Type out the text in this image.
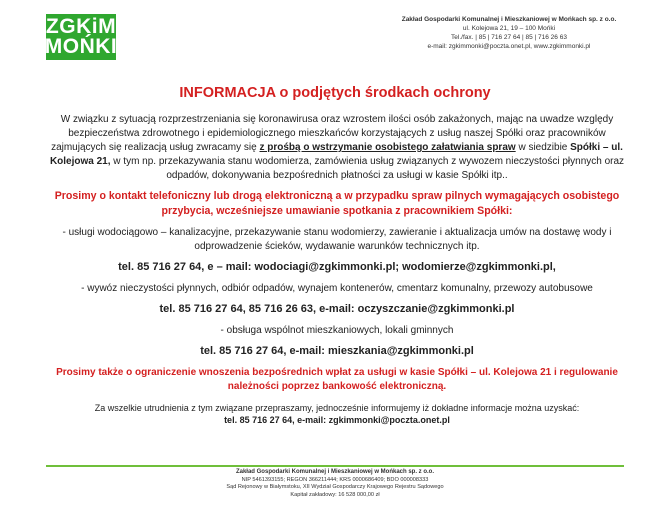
ZGKiM
MOŃKI
Zakład Gospodarki Komunalnej i Mieszkaniowej w Mońkach sp. z o.o.
ul. Kolejowa 21, 19 – 100 Mońki
Tel./fax. | 85 | 716 27 64 | 85 | 716 26 63
e-mail: zgkimmonki@poczta.onet.pl, www.zgkimmonki.pl
INFORMACJA o podjętych środkach ochrony

W związku z sytuacją rozprzestrzeniania się koronawirusa oraz wzrostem ilości osób zakażonych, mając na uwadze względy bezpieczeństwa zdrowotnego i epidemiologicznego mieszkańców korzystających z usług naszej Spółki oraz pracowników zajmujących się realizacją usług zwracamy się z prośbą o wstrzymanie osobistego załatwiania spraw w siedzibie Spółki – ul. Kolejowa 21, w tym np. przekazywania stanu wodomierza, zamówienia usług związanych z wywozem nieczystości płynnych oraz odpadów, dokonywania bezpośrednich płatności za usługi w kasie Spółki itp..

Prosimy o kontakt telefoniczny lub drogą elektroniczną a w przypadku spraw pilnych wymagających osobistego przybycia, wcześniejsze umawianie spotkania z pracownikiem Spółki:

- usługi wodociągowo – kanalizacyjne, przekazywanie stanu wodomierzy, zawieranie i aktualizacja umów na dostawę wody i odprowadzenie ścieków, wydawanie warunków technicznych itp.

tel. 85 716 27 64, e – mail: wodociagi@zgkimmonki.pl; wodomierze@zgkimmonki.pl,

- wywóz nieczystości płynnych, odbiór odpadów, wynajem kontenerów, cmentarz komunalny, przewozy autobusowe

tel. 85 716 27 64, 85 716 26 63, e-mail: oczyszczanie@zgkimmonki.pl

- obsługa wspólnot mieszkaniowych, lokali gminnych

tel. 85 716 27 64, e-mail: mieszkania@zgkimmonki.pl

Prosimy także o ograniczenie wnoszenia bezpośrednich wpłat za usługi w kasie Spółki – ul. Kolejowa 21 i regulowanie należności poprzez bankowość elektroniczną.

Za wszelkie utrudnienia z tym związane przepraszamy, jednocześnie informujemy iż dokładne informacje można uzyskać:

tel. 85 716 27 64, e-mail: zgkimmonki@poczta.onet.pl

Zakład Gospodarki Komunalnej i Mieszkaniowej w Mońkach sp. z o.o.
NIP 5461393155; REGON 366211444; KRS 0000686409; BDO 000008333
Sąd Rejonowy w Białymstoku, XII Wydział Gospodarczy Krajowego Rejestru Sądowego
Kapitał zakładowy: 16 528 000,00 zł
